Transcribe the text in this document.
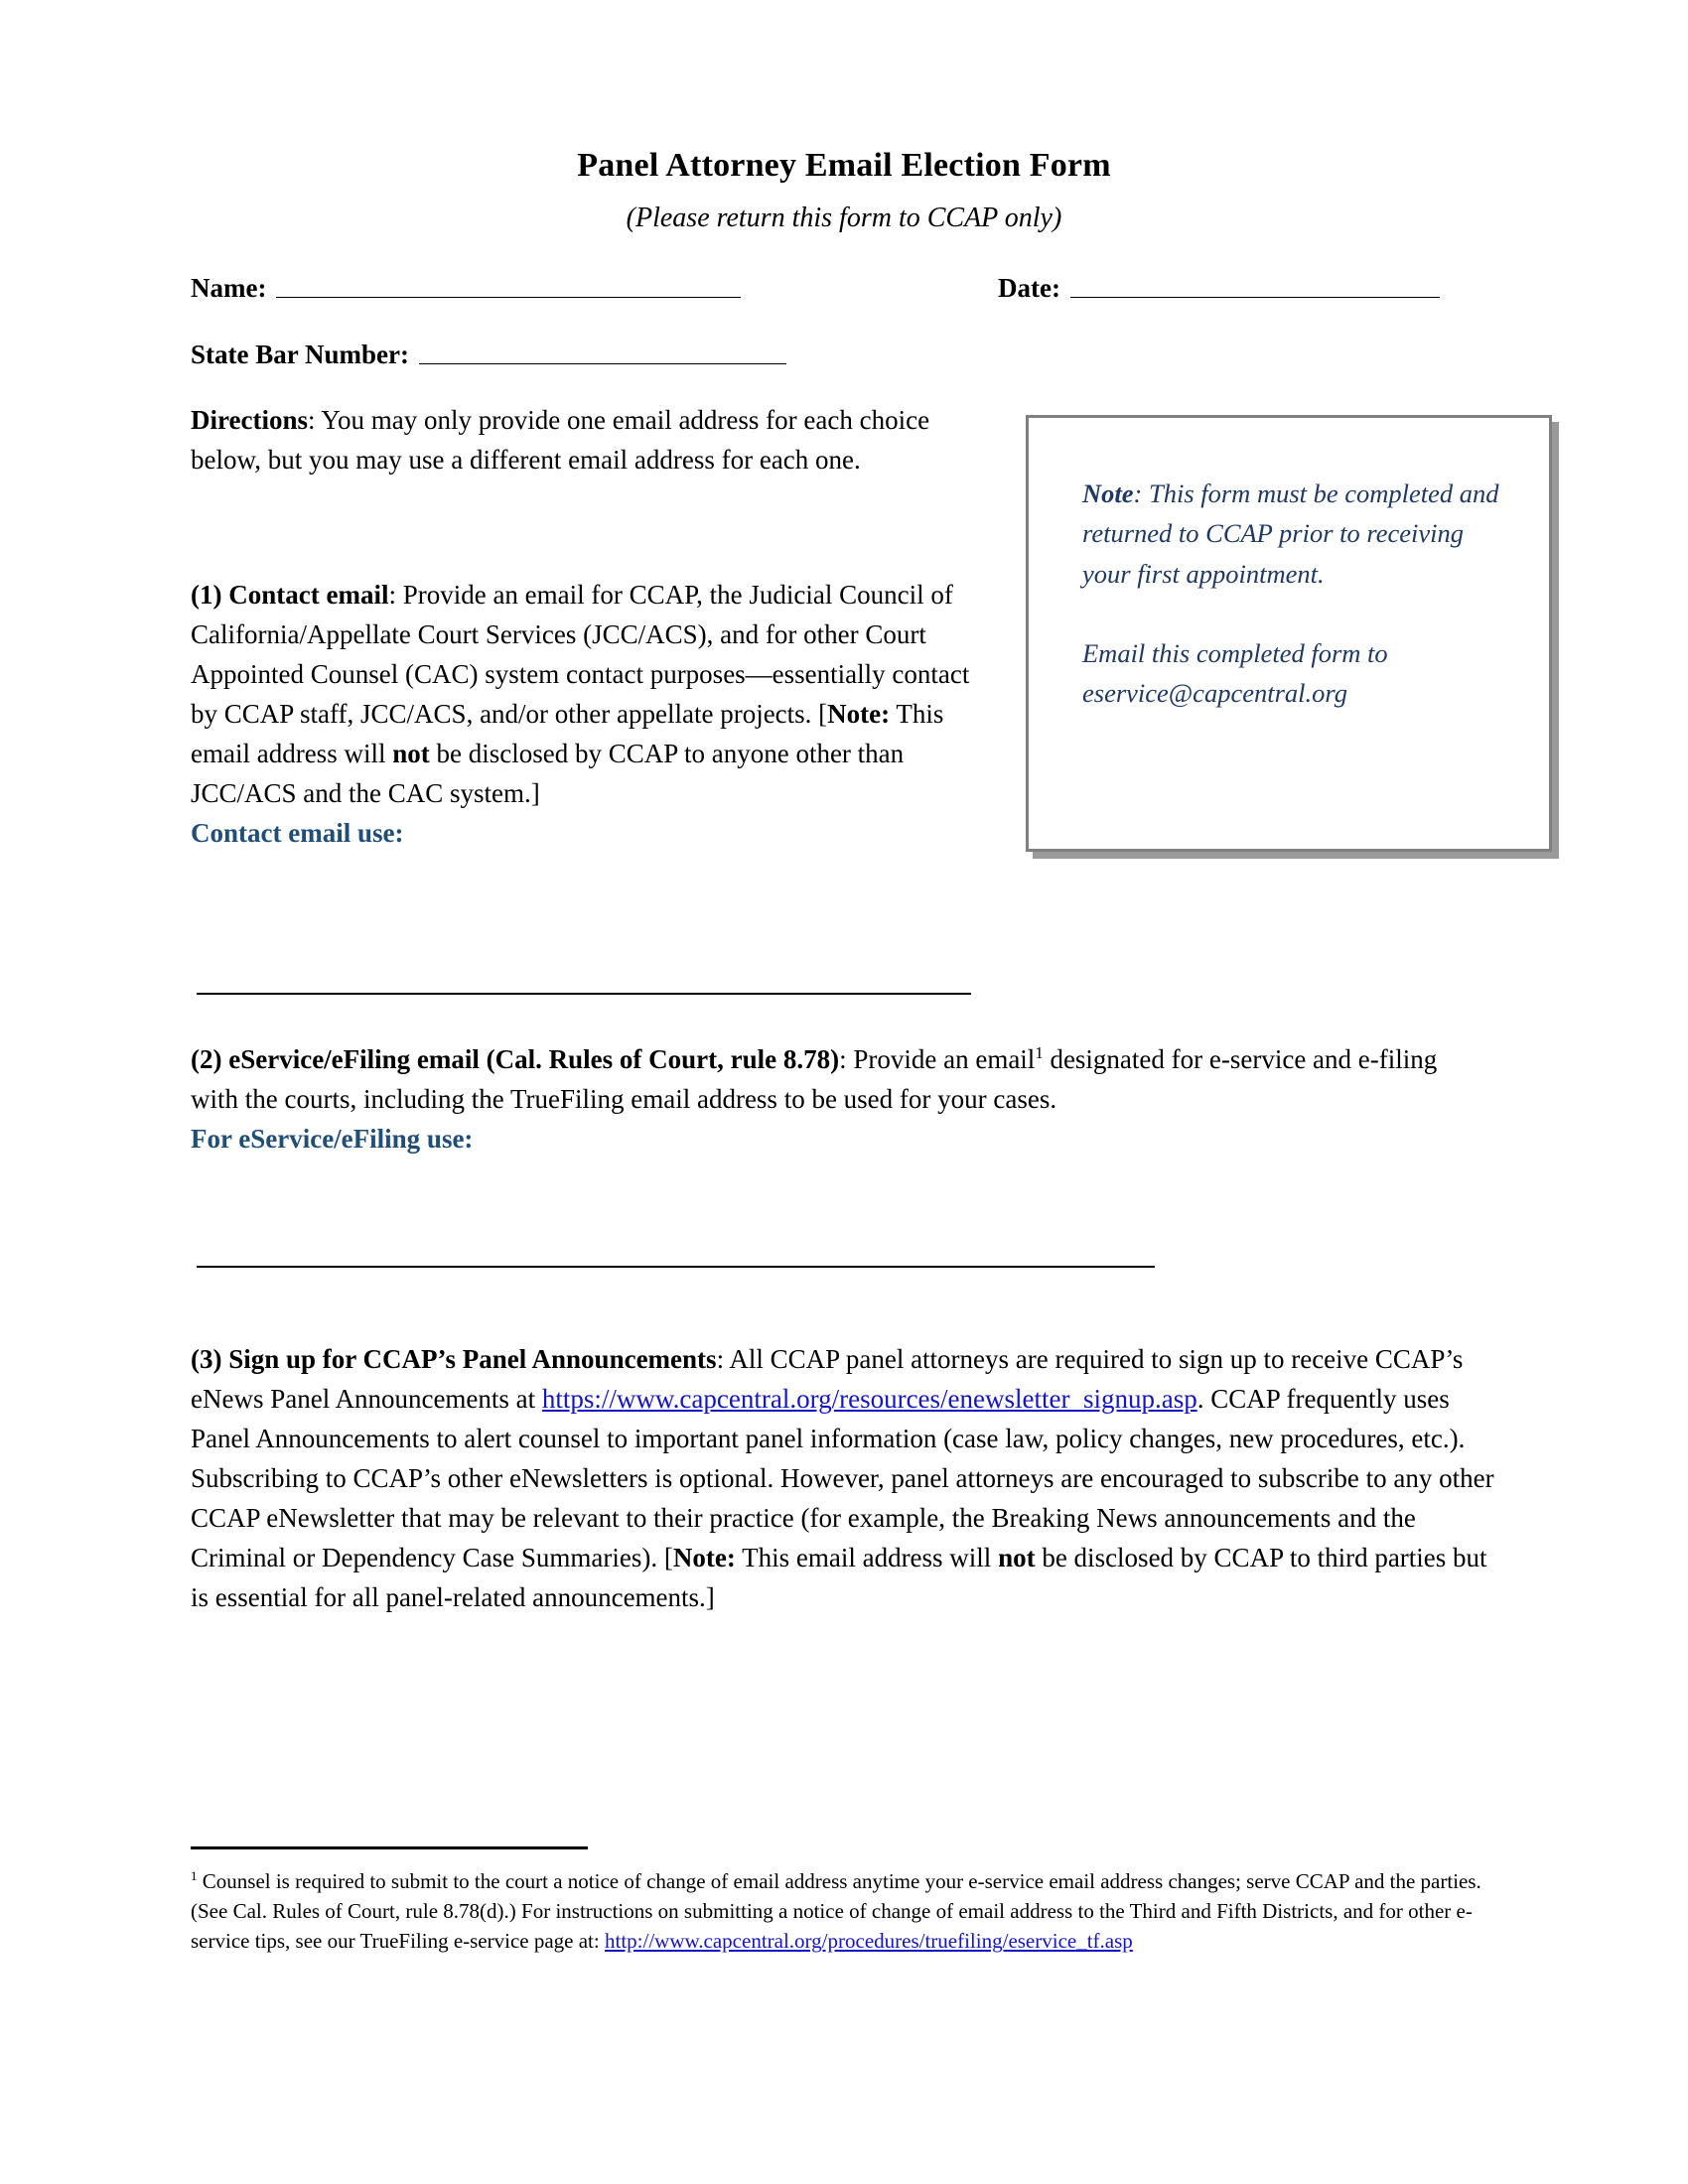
Panel Attorney Email Election Form
(Please return this form to CCAP only)
Name:	Date:
State Bar Number:

Note: This form must be completed and returned to CCAP prior to receiving your first appointment.

Email this completed form to eservice@capcentral.org

Directions: You may only provide one email address for each choice below, but you may use a different email address for each one.
(1) Contact email: Provide an email for CCAP, the Judicial Council of California/Appellate Court Services (JCC/ACS), and for other Court Appointed Counsel (CAC) system contact purposes—essentially contact by CCAP staff, JCC/ACS, and/or other appellate projects. [Note: This email address will not be disclosed by CCAP to anyone other than JCC/ACS and the CAC system.]
Contact email use:
(2) eService/eFiling email (Cal. Rules of Court, rule 8.78): Provide an email$^1$ designated for e-service and e-filing with the courts, including the TrueFiling email address to be used for your cases.
For eService/eFiling use:
(3) Sign up for CCAP’s Panel Announcements: All CCAP panel attorneys are required to sign up to receive CCAP’s eNews Panel Announcements at https://www.capcentral.org/resources/enewsletter_signup.asp. CCAP frequently uses Panel Announcements to alert counsel to important panel information (case law, policy changes, new procedures, etc.). Subscribing to CCAP’s other eNewsletters is optional. However, panel attorneys are encouraged to subscribe to any other CCAP eNewsletter that may be relevant to their practice (for example, the Breaking News announcements and the Criminal or Dependency Case Summaries). [Note: This email address will not be disclosed by CCAP to third parties but is essential for all panel-related announcements.]
$^1$ Counsel is required to submit to the court a notice of change of email address anytime your e-service email address changes; serve CCAP and the parties. (See Cal. Rules of Court, rule 8.78(d).) For instructions on submitting a notice of change of email address to the Third and Fifth Districts, and for other e-service tips, see our TrueFiling e-service page at: http://www.capcentral.org/procedures/truefiling/eservice_tf.asp
